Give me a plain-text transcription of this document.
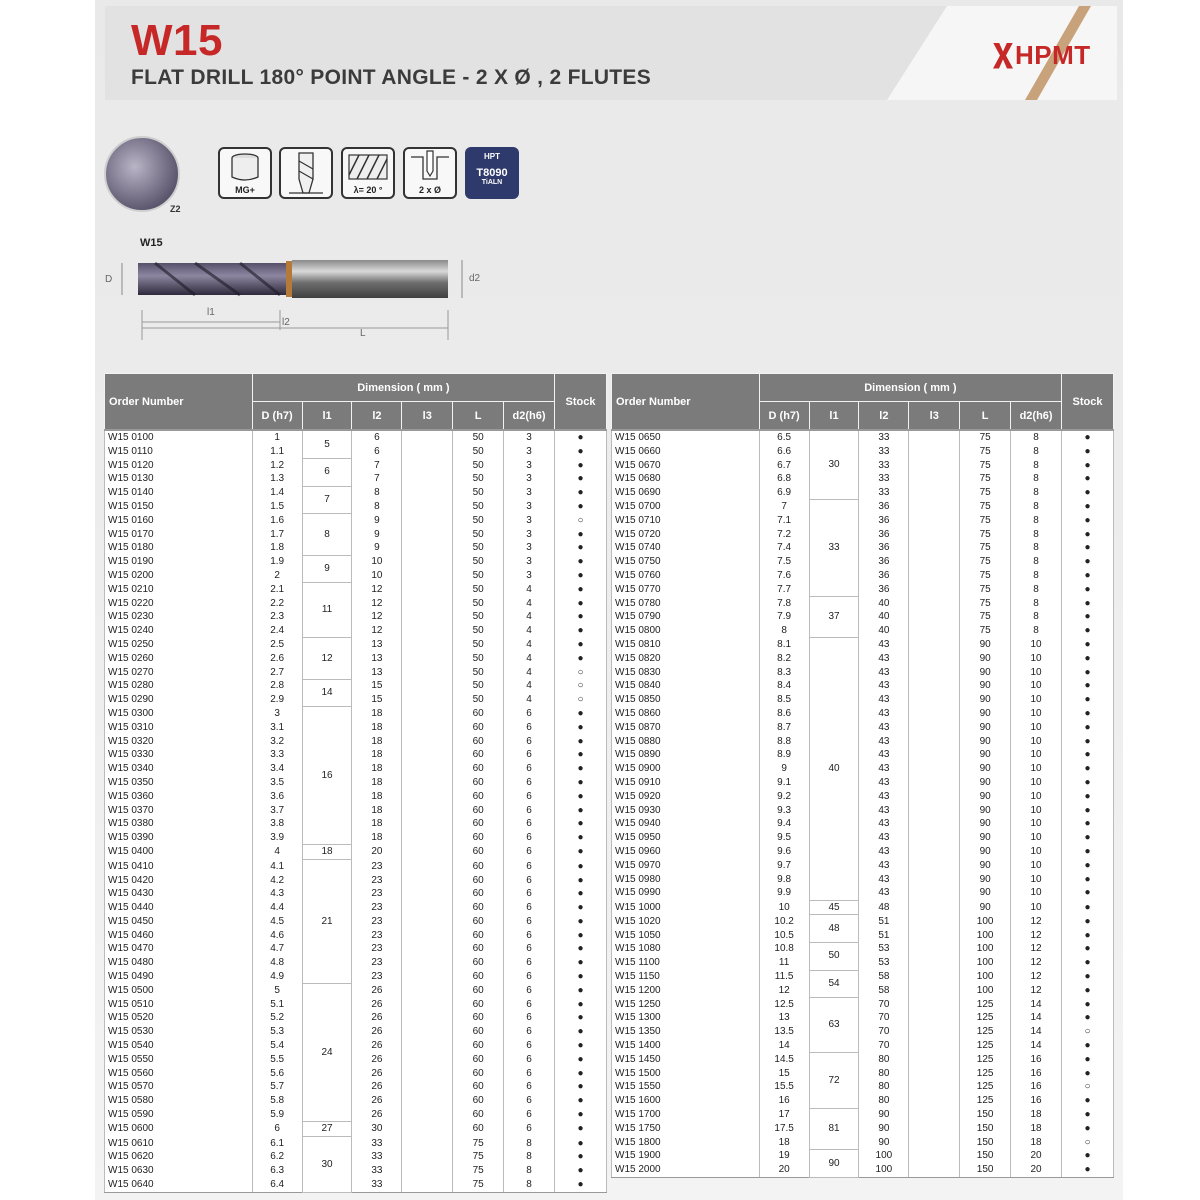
W15
FLAT DRILL 180° POINT ANGLE - 2 X Ø , 2 FLUTES
HPMT
Z2
MG+	λ= 20 °	2 x Ø
HPT
T8090
TiALN
W15
D	d2
l1
l2
L
Order Number	Dimension ( mm )						Stock
	D (h7)	l1	l2	l3	L	d2(h6)	
W15 0100	1	5	6		50	3	●
W15 0110	1.1		6		50	3	●
W15 0120	1.2	6	7		50	3	●
W15 0130	1.3		7		50	3	●
W15 0140	1.4	7	8		50	3	●
W15 0150	1.5		8		50	3	●
W15 0160	1.6	8	9		50	3	○
W15 0170	1.7		9		50	3	●
W15 0180	1.8		9		50	3	●
W15 0190	1.9	9	10		50	3	●
W15 0200	2		10		50	3	●
W15 0210	2.1	11	12		50	4	●
W15 0220	2.2		12		50	4	●
W15 0230	2.3		12		50	4	●
W15 0240	2.4		12		50	4	●
W15 0250	2.5	12	13		50	4	●
W15 0260	2.6		13		50	4	●
W15 0270	2.7		13		50	4	○
W15 0280	2.8	14	15		50	4	○
W15 0290	2.9		15		50	4	○
W15 0300	3	16	18		60	6	●
W15 0310	3.1		18		60	6	●
W15 0320	3.2		18		60	6	●
W15 0330	3.3		18		60	6	●
W15 0340	3.4		18		60	6	●
W15 0350	3.5		18		60	6	●
W15 0360	3.6		18		60	6	●
W15 0370	3.7		18		60	6	●
W15 0380	3.8		18		60	6	●
W15 0390	3.9		18		60	6	●
W15 0400	4	18	20		60	6	●
W15 0410	4.1	21	23		60	6	●
W15 0420	4.2		23		60	6	●
W15 0430	4.3		23		60	6	●
W15 0440	4.4		23		60	6	●
W15 0450	4.5		23		60	6	●
W15 0460	4.6		23		60	6	●
W15 0470	4.7		23		60	6	●
W15 0480	4.8		23		60	6	●
W15 0490	4.9		23		60	6	●
W15 0500	5	24	26		60	6	●
W15 0510	5.1		26		60	6	●
W15 0520	5.2		26		60	6	●
W15 0530	5.3		26		60	6	●
W15 0540	5.4		26		60	6	●
W15 0550	5.5		26		60	6	●
W15 0560	5.6		26		60	6	●
W15 0570	5.7		26		60	6	●
W15 0580	5.8		26		60	6	●
W15 0590	5.9		26		60	6	●
W15 0600	6	27	30		60	6	●
W15 0610	6.1	30	33		75	8	●
W15 0620	6.2		33		75	8	●
W15 0630	6.3		33		75	8	●
W15 0640	6.4		33		75	8	●
Order Number	Dimension ( mm )						Stock
	D (h7)	l1	l2	l3	L	d2(h6)	
W15 0650	6.5	30	33		75	8	●
W15 0660	6.6		33		75	8	●
W15 0670	6.7		33		75	8	●
W15 0680	6.8		33		75	8	●
W15 0690	6.9		33		75	8	●
W15 0700	7	33	36		75	8	●
W15 0710	7.1		36		75	8	●
W15 0720	7.2		36		75	8	●
W15 0740	7.4		36		75	8	●
W15 0750	7.5		36		75	8	●
W15 0760	7.6		36		75	8	●
W15 0770	7.7		36		75	8	●
W15 0780	7.8	37	40		75	8	●
W15 0790	7.9		40		75	8	●
W15 0800	8		40		75	8	●
W15 0810	8.1	40	43		90	10	●
W15 0820	8.2		43		90	10	●
W15 0830	8.3		43		90	10	●
W15 0840	8.4		43		90	10	●
W15 0850	8.5		43		90	10	●
W15 0860	8.6		43		90	10	●
W15 0870	8.7		43		90	10	●
W15 0880	8.8		43		90	10	●
W15 0890	8.9		43		90	10	●
W15 0900	9		43		90	10	●
W15 0910	9.1		43		90	10	●
W15 0920	9.2		43		90	10	●
W15 0930	9.3		43		90	10	●
W15 0940	9.4		43		90	10	●
W15 0950	9.5		43		90	10	●
W15 0960	9.6		43		90	10	●
W15 0970	9.7		43		90	10	●
W15 0980	9.8		43		90	10	●
W15 0990	9.9		43		90	10	●
W15 1000	10	45	48		90	10	●
W15 1020	10.2	48	51		100	12	●
W15 1050	10.5		51		100	12	●
W15 1080	10.8	50	53		100	12	●
W15 1100	11		53		100	12	●
W15 1150	11.5	54	58		100	12	●
W15 1200	12		58		100	12	●
W15 1250	12.5	63	70		125	14	●
W15 1300	13		70		125	14	●
W15 1350	13.5		70		125	14	○
W15 1400	14		70		125	14	●
W15 1450	14.5	72	80		125	16	●
W15 1500	15		80		125	16	●
W15 1550	15.5		80		125	16	○
W15 1600	16		80		125	16	●
W15 1700	17	81	90		150	18	●
W15 1750	17.5		90		150	18	●
W15 1800	18		90		150	18	○
W15 1900	19	90	100		150	20	●
W15 2000	20		100		150	20	●
